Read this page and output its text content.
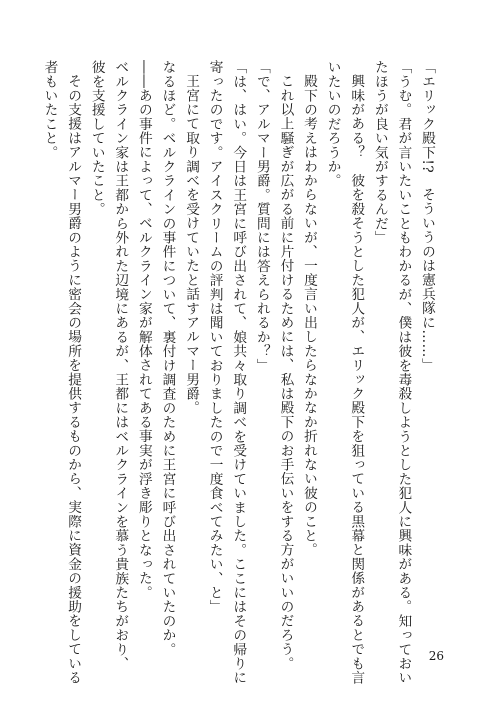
「エリック殿下!?　そういうのは憲兵隊に……」
「うむ。君が言いたいこともわかるが、僕は彼を毒殺しようとした犯人に興味がある。知っておい
たほうが良い気がするんだ」
興味がある？　彼を殺そうとした犯人が、エリック殿下を狙っている黒幕と関係があるとでも言
いたいのだろうか。
殿下の考えはわからないが、一度言い出したらなかなか折れない彼のこと。
これ以上騒ぎが広がる前に片付けるためには、私は殿下のお手伝いをする方がいいのだろう。
「で、アルマー男爵。質問には答えられるか？」
「は、はい。今日は王宮に呼び出されて、娘共々取り調べを受けていました。ここにはその帰りに
寄ったのです。アイスクリームの評判は聞いておりましたので一度食べてみたい、と」
王宮にて取り調べを受けていたと話すアルマー男爵。
なるほど。ベルクラインの事件について、裏付け調査のために王宮に呼び出されていたのか。
――あの事件によって、ベルクライン家が解体されてある事実が浮き彫りとなった。
ベルクライン家は王都から外れた辺境にあるが、王都にはベルクラインを慕う貴族たちがおり、
彼を支援していたこと。
その支援はアルマー男爵のように密会の場所を提供するものから、実際に資金の援助をしている
者もいたこと。
26
